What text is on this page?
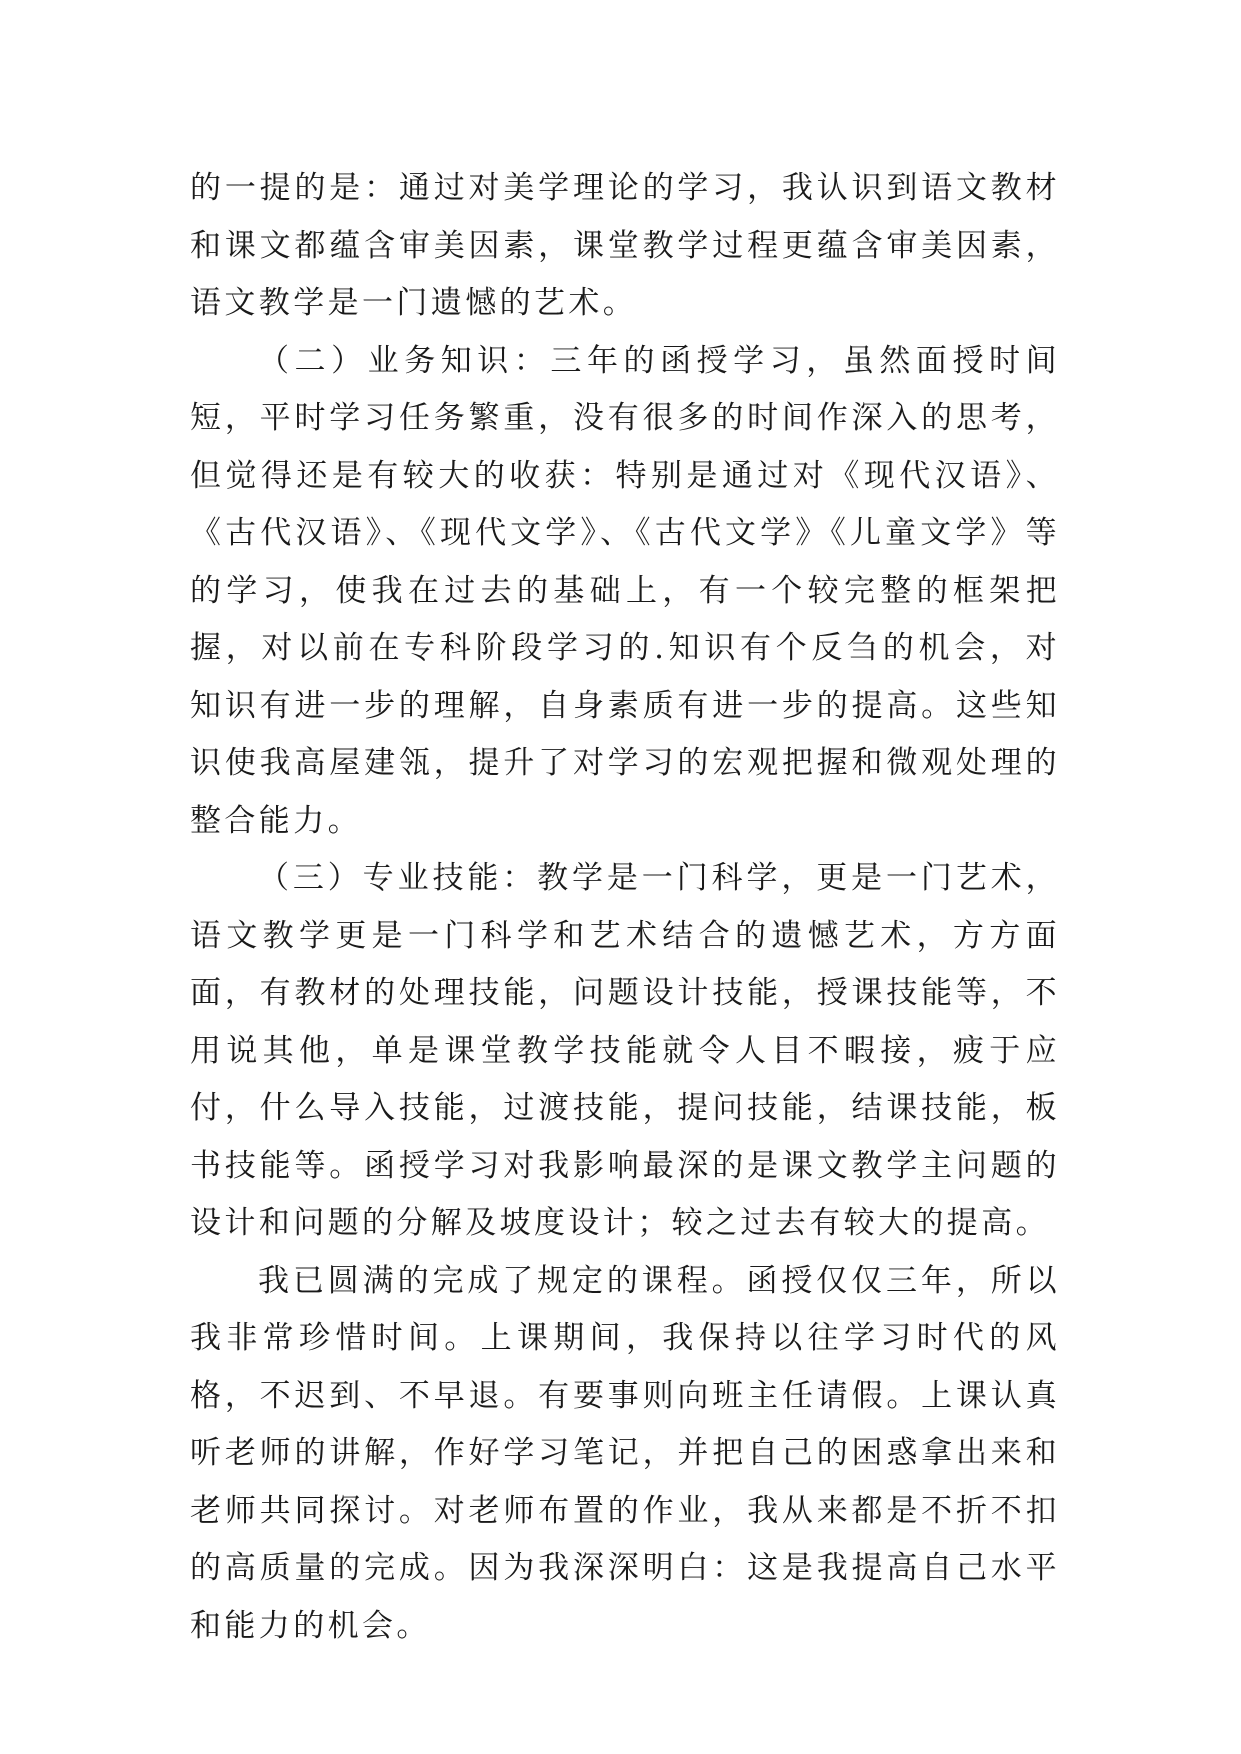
的一提的是：通过对美学理论的学习，我认识到语文教材和课文都蕴含审美因素，课堂教学过程更蕴含审美因素，语文教学是一门遗憾的艺术。

（二）业务知识：三年的函授学习，虽然面授时间短，平时学习任务繁重，没有很多的时间作深入的思考，但觉得还是有较大的收获：特别是通过对《现代汉语》、《古代汉语》、《现代文学》、《古代文学》《儿童文学》等的学习，使我在过去的基础上，有一个较完整的框架把握，对以前在专科阶段学习的.知识有个反刍的机会，对知识有进一步的理解，自身素质有进一步的提高。这些知识使我高屋建瓴，提升了对学习的宏观把握和微观处理的整合能力。

（三）专业技能：教学是一门科学，更是一门艺术，语文教学更是一门科学和艺术结合的遗憾艺术，方方面面，有教材的处理技能，问题设计技能，授课技能等，不用说其他，单是课堂教学技能就令人目不暇接，疲于应付，什么导入技能，过渡技能，提问技能，结课技能，板书技能等。函授学习对我影响最深的是课文教学主问题的设计和问题的分解及坡度设计；较之过去有较大的提高。

我已圆满的完成了规定的课程。函授仅仅三年，所以我非常珍惜时间。上课期间，我保持以往学习时代的风格，不迟到、不早退。有要事则向班主任请假。上课认真听老师的讲解，作好学习笔记，并把自己的困惑拿出来和老师共同探讨。对老师布置的作业，我从来都是不折不扣的高质量的完成。因为我深深明白：这是我提高自己水平和能力的机会。
